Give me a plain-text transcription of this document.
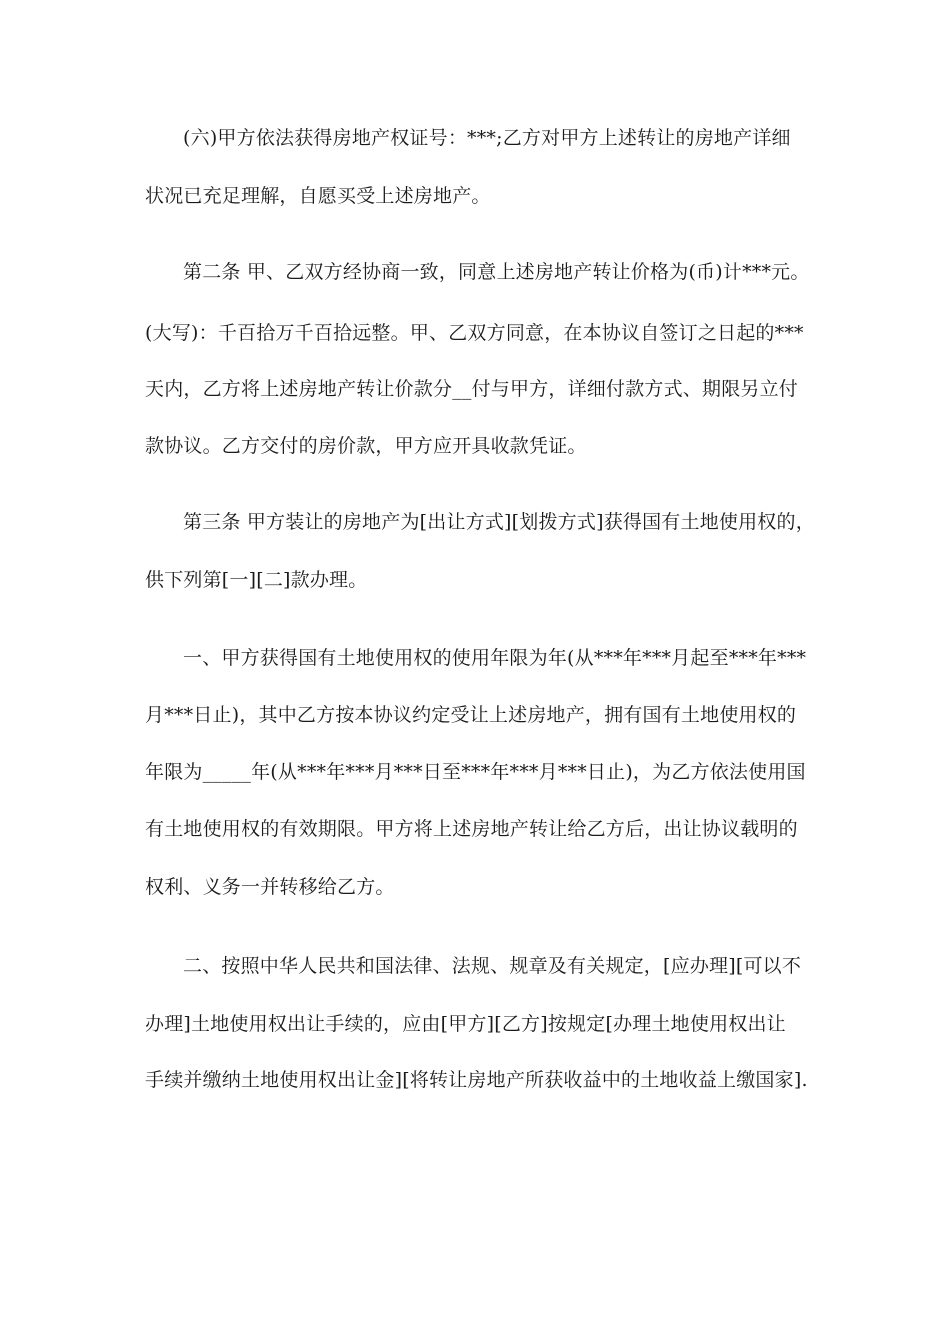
(六)甲方依法获得房地产权证号：***;乙方对甲方上述转让的房地产详细
状况已充足理解，自愿买受上述房地产。
第二条 甲、乙双方经协商一致，同意上述房地产转让价格为(币)计***元。
(大写)：千百拾万千百拾远整。甲、乙双方同意，在本协议自签订之日起的***
天内，乙方将上述房地产转让价款分__付与甲方，详细付款方式、期限另立付
款协议。乙方交付的房价款，甲方应开具收款凭证。
第三条 甲方装让的房地产为[出让方式][划拨方式]获得国有土地使用权的，
供下列第[一][二]款办理。
一、甲方获得国有土地使用权的使用年限为年(从***年***月起至***年***
月***日止)，其中乙方按本协议约定受让上述房地产，拥有国有土地使用权的
年限为_____年(从***年***月***日至***年***月***日止)，为乙方依法使用国
有土地使用权的有效期限。甲方将上述房地产转让给乙方后，出让协议载明的
权利、义务一并转移给乙方。
二、按照中华人民共和国法律、法规、规章及有关规定，[应办理][可以不
办理]土地使用权出让手续的，应由[甲方][乙方]按规定[办理土地使用权出让
手续并缴纳土地使用权出让金][将转让房地产所获收益中的土地收益上缴国家].
